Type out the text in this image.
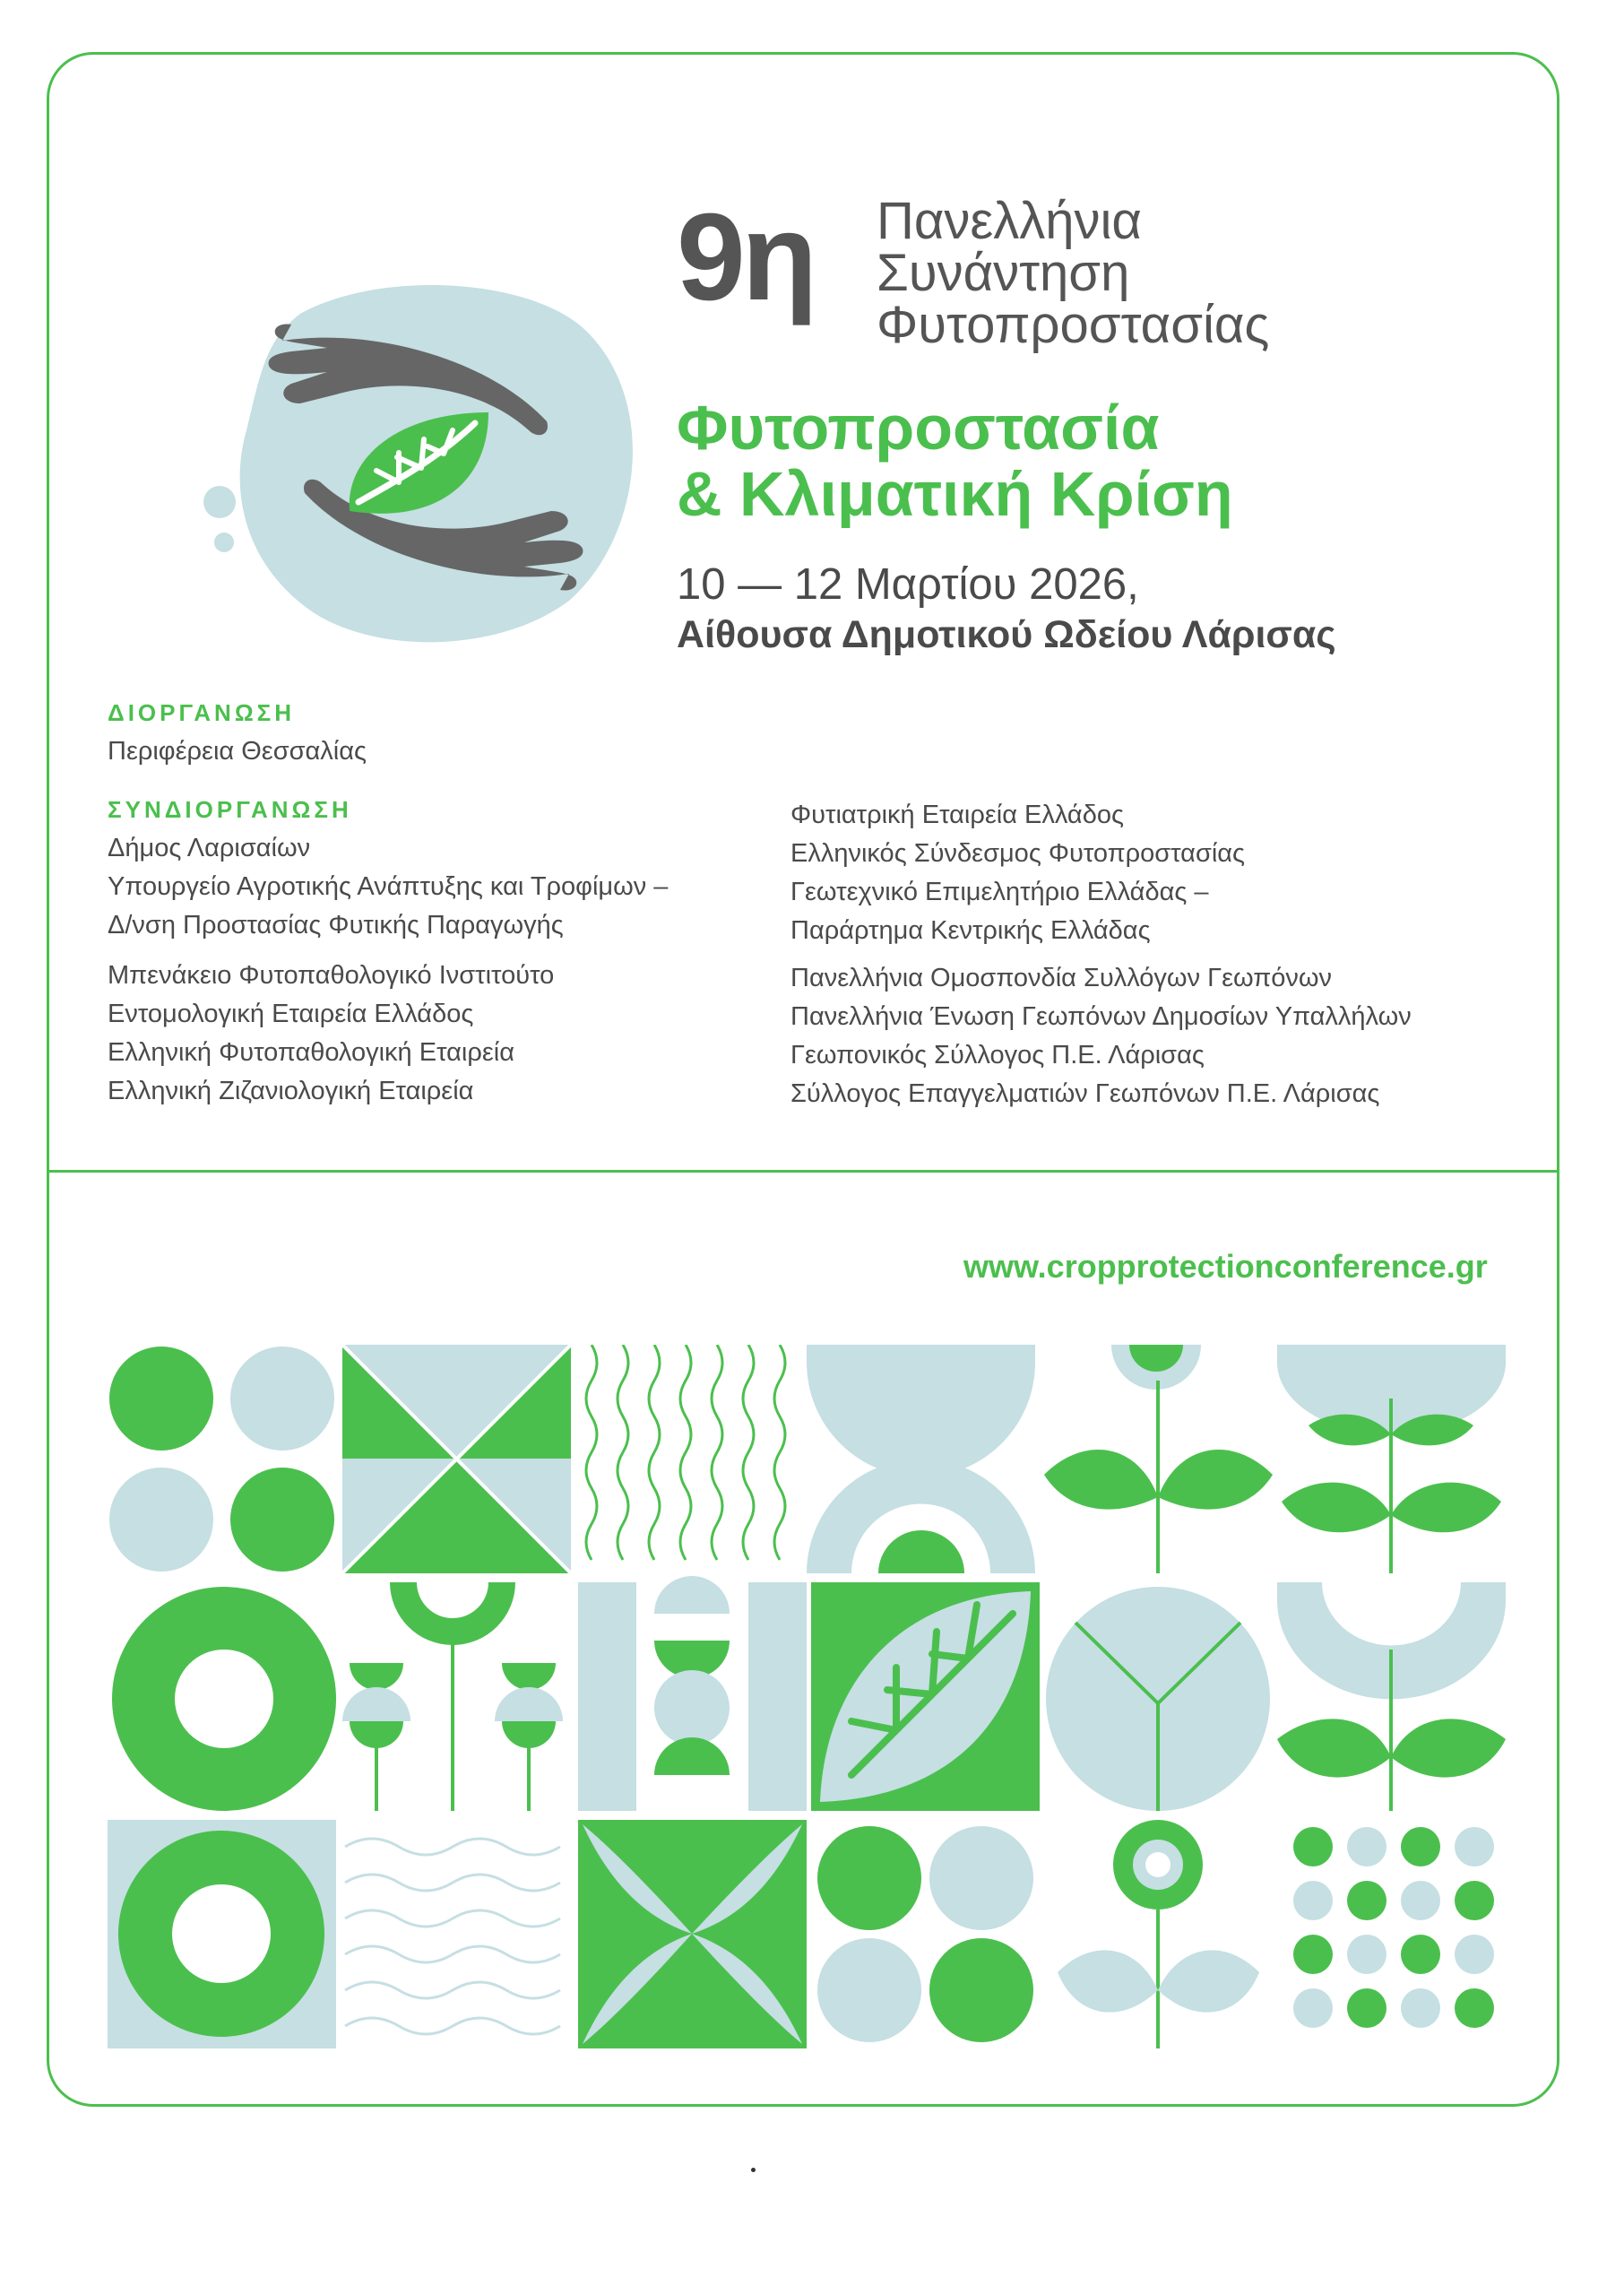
9η Πανελλήνια
Συνάντηση
Φυτοπροστασίας
Φυτοπροστασία
& Κλιματική Κρίση
10 — 12 Μαρτίου 2026,
Αίθουσα Δημοτικού Ωδείου Λάρισας
ΔΙΟΡΓΑΝΩΣΗ
Περιφέρεια Θεσσαλίας
ΣΥΝΔΙΟΡΓΑΝΩΣΗ
Δήμος Λαρισαίων
Υπουργείο Αγροτικής Ανάπτυξης και Τροφίμων –
Δ/νση Προστασίας Φυτικής Παραγωγής
Μπενάκειο Φυτοπαθολογικό Ινστιτούτο
Εντομολογική Εταιρεία Ελλάδος
Ελληνική Φυτοπαθολογική Εταιρεία
Ελληνική Ζιζανιολογική Εταιρεία
Φυτιατρική Εταιρεία Ελλάδος
Ελληνικός Σύνδεσμος Φυτοπροστασίας
Γεωτεχνικό Επιμελητήριο Ελλάδας –
Παράρτημα Κεντρικής Ελλάδας
Πανελλήνια Ομοσπονδία Συλλόγων Γεωπόνων
Πανελλήνια Ένωση Γεωπόνων Δημοσίων Υπαλλήλων
Γεωπονικός Σύλλογος Π.Ε. Λάρισας
Σύλλογος Επαγγελματιών Γεωπόνων Π.Ε. Λάρισας
www.cropprotectionconference.gr
